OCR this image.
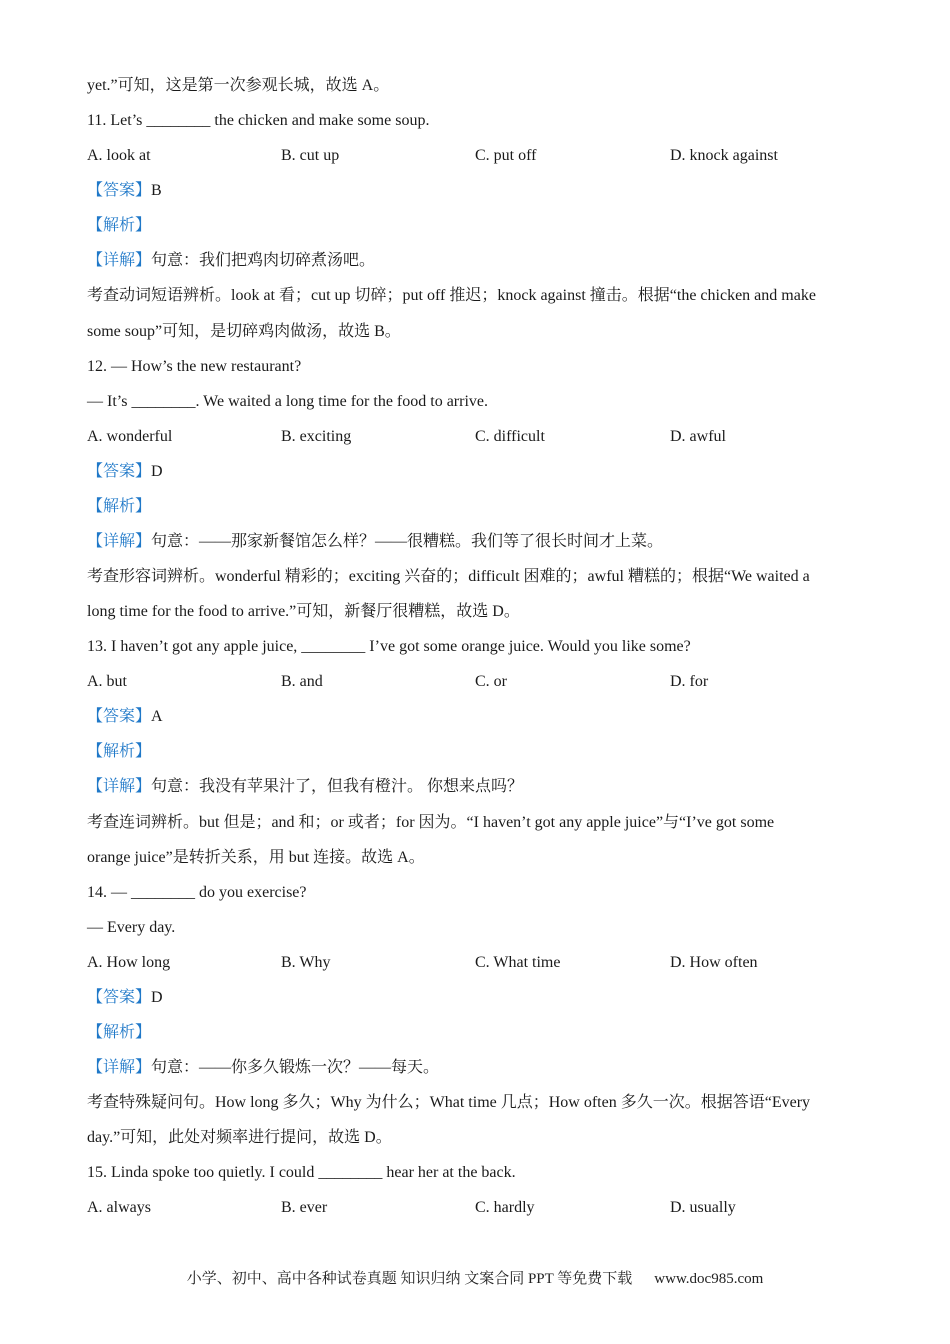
yet.”可知，这是第一次参观长城，故选 A。
11. Let’s ________ the chicken and make some soup.
A. look at	B. cut up	C. put off	D. knock against
【答案】B
【解析】
【详解】句意：我们把鸡肉切碎煮汤吧。
考查动词短语辨析。look at 看；cut up 切碎；put off 推迟；knock against 撞击。根据“the chicken and make
some soup”可知，是切碎鸡肉做汤，故选 B。
12. — How’s the new restaurant?
— It’s ________. We waited a long time for the food to arrive.
A. wonderful	B. exciting	C. difficult	D. awful
【答案】D
【解析】
【详解】句意：——那家新餐馆怎么样？——很糟糕。我们等了很长时间才上菜。
考查形容词辨析。wonderful 精彩的；exciting 兴奋的；difficult 困难的；awful 糟糕的；根据“We waited a
long time for the food to arrive.”可知，新餐厅很糟糕，故选 D。
13. I haven’t got any apple juice, ________ I’ve got some orange juice. Would you like some?
A. but	B. and	C. or	D. for
【答案】A
【解析】
【详解】句意：我没有苹果汁了，但我有橙汁。 你想来点吗？
考查连词辨析。but 但是；and 和；or 或者；for 因为。“I haven’t got any apple juice”与“I’ve got some
orange juice”是转折关系，用 but 连接。故选 A。
14. — ________ do you exercise?
— Every day.
A. How long	B. Why	C. What time	D. How often
【答案】D
【解析】
【详解】句意：——你多久锻炼一次？——每天。
考查特殊疑问句。How long 多久；Why 为什么；What time 几点；How often 多久一次。根据答语“Every
day.”可知，此处对频率进行提问，故选 D。
15. Linda spoke too quietly. I could ________ hear her at the back.
A. always	B. ever	C. hardly	D. usually
小学、初中、高中各种试卷真题 知识归纳 文案合同 PPT 等免费下载 www.doc985.com
